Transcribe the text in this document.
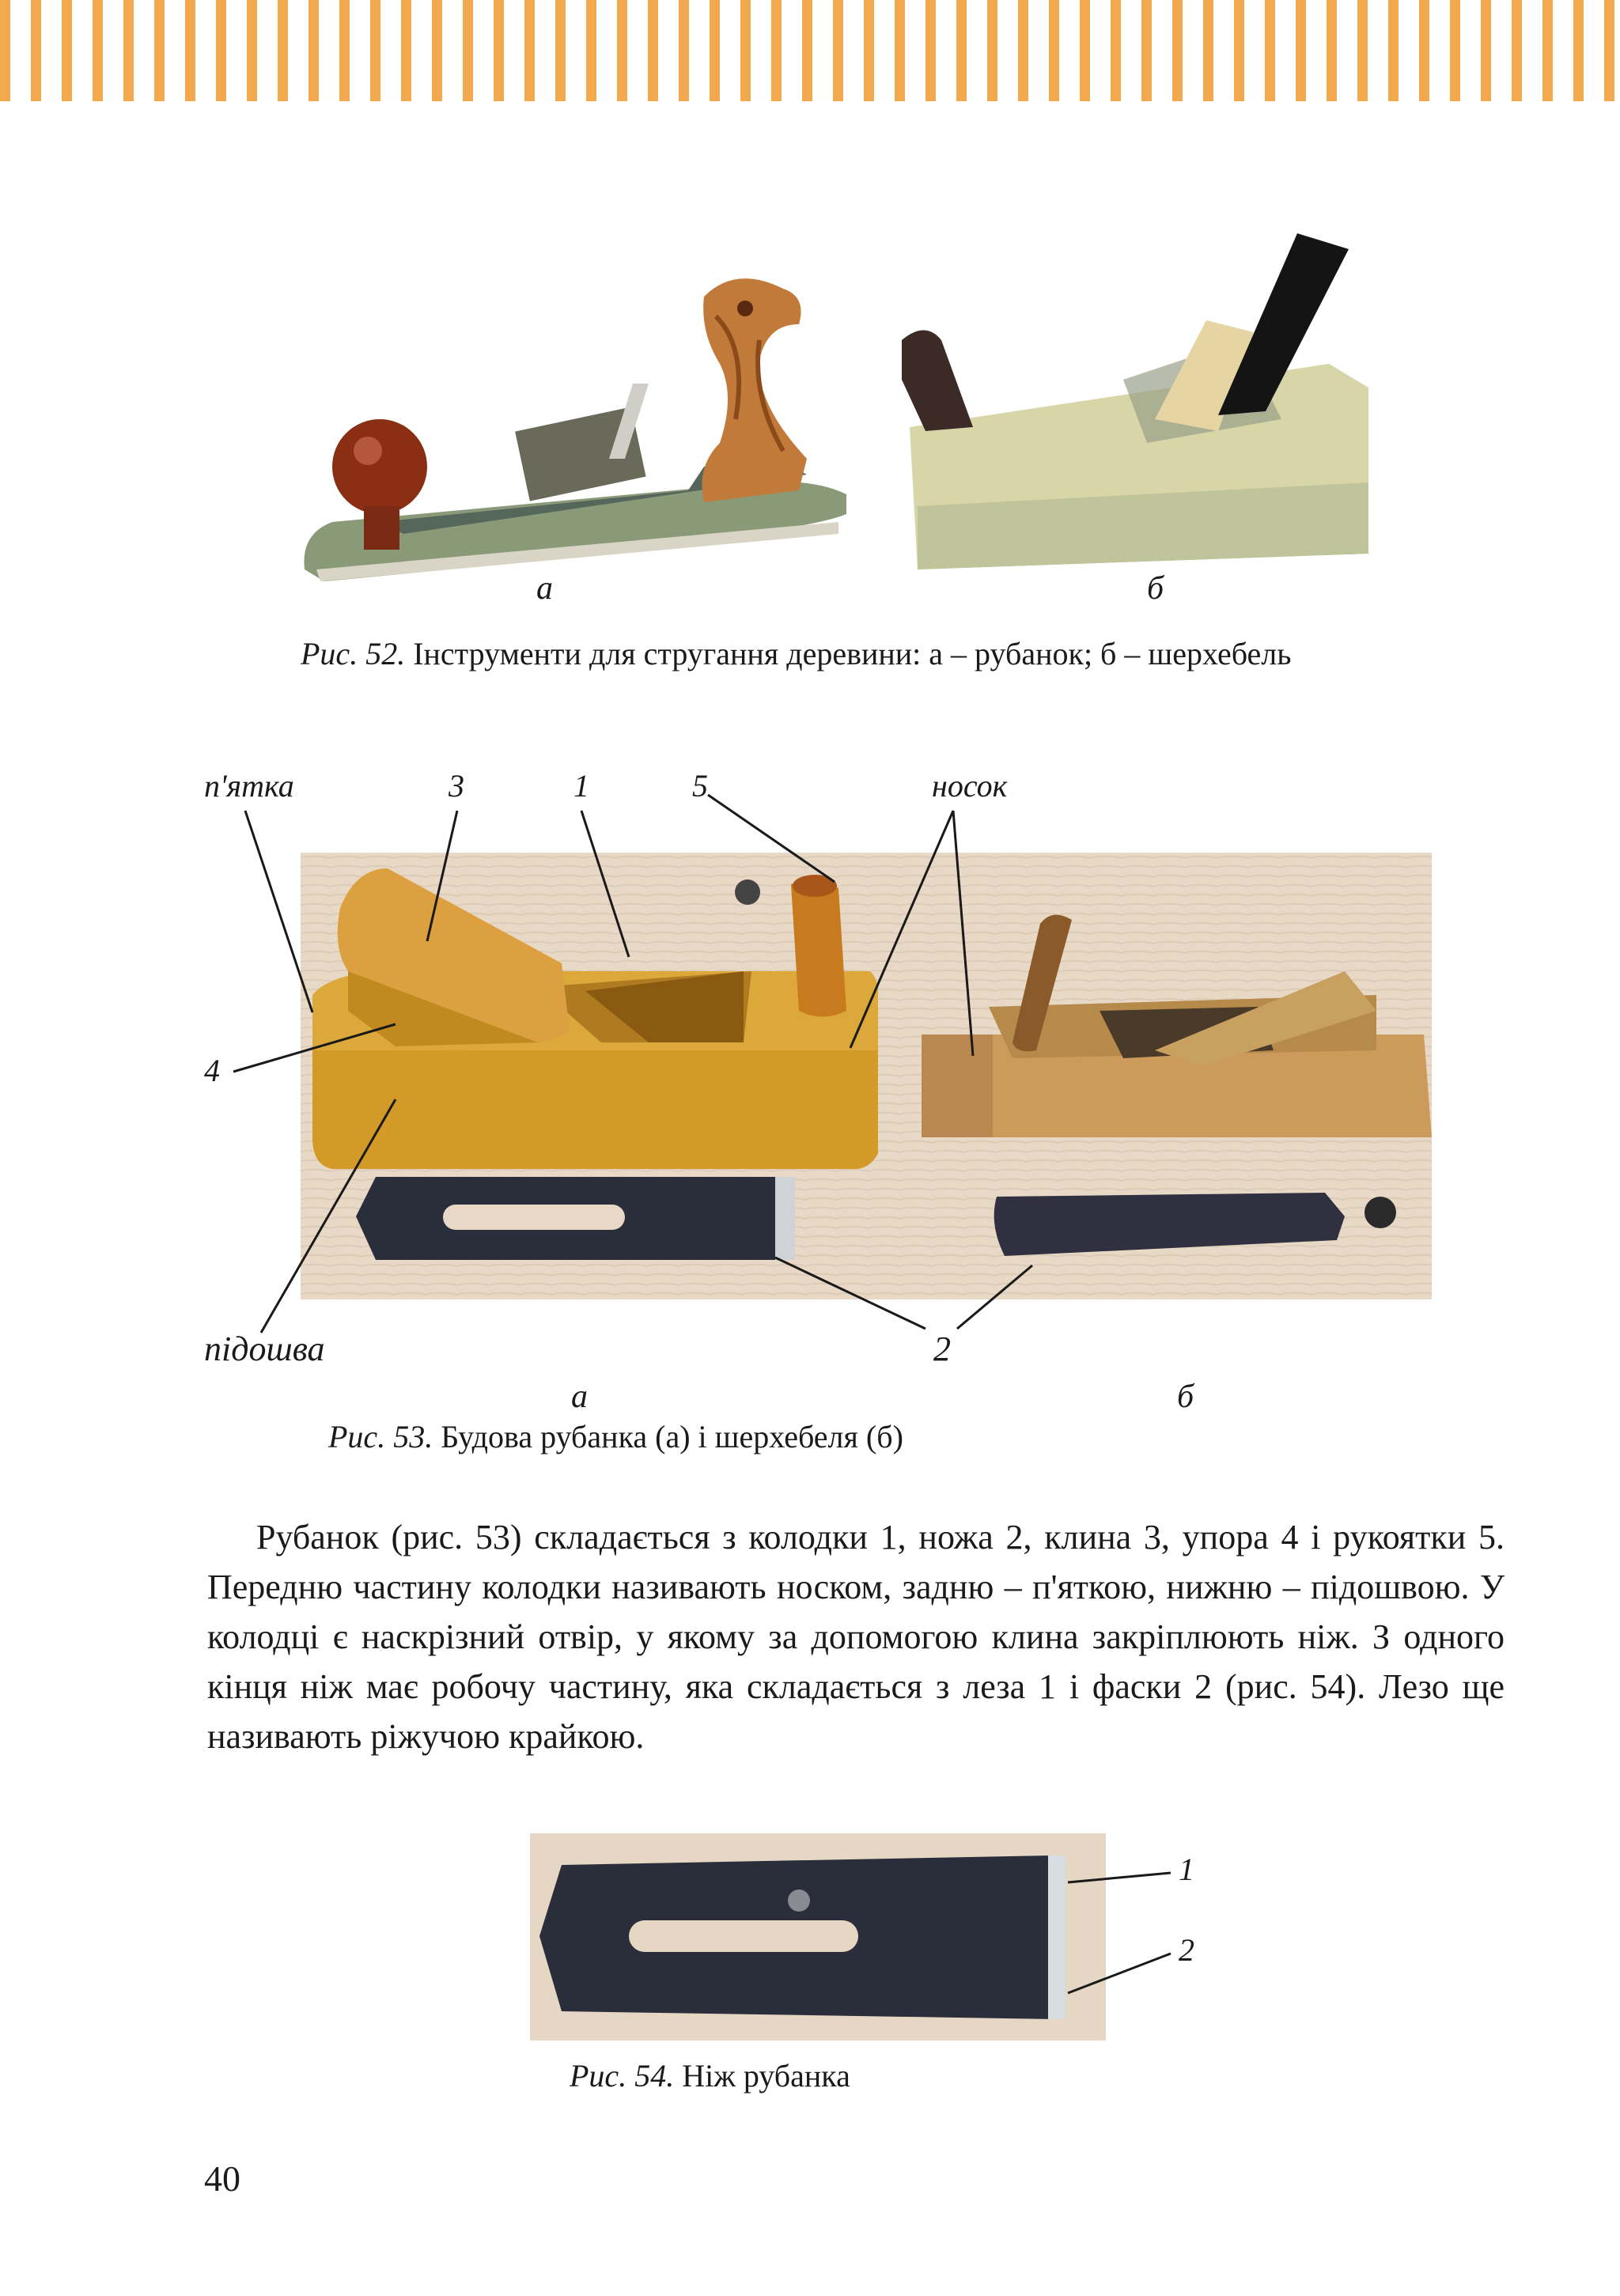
а	б
Рис. 52. Інструменти для стругання деревини: а – рубанок; б – шерхебель
п'ятка	3	1	5	носок
4
підошва	2
а	б
Рис. 53. Будова рубанка (а) і шерхебеля (б)
Рубанок (рис. 53) складається з колодки 1, ножа 2, клина 3, упора 4 і рукоятки 5. Передню частину колодки називають носком, задню – п'яткою, нижню – підошвою. У колодці є наскрізний отвір, у якому за допомогою клина закріплюють ніж. З одного кінця ніж має робочу частину, яка складається з леза 1 і фаски 2 (рис. 54). Лезо ще називають ріжучою крайкою.
1
2
Рис. 54. Ніж рубанка
40
